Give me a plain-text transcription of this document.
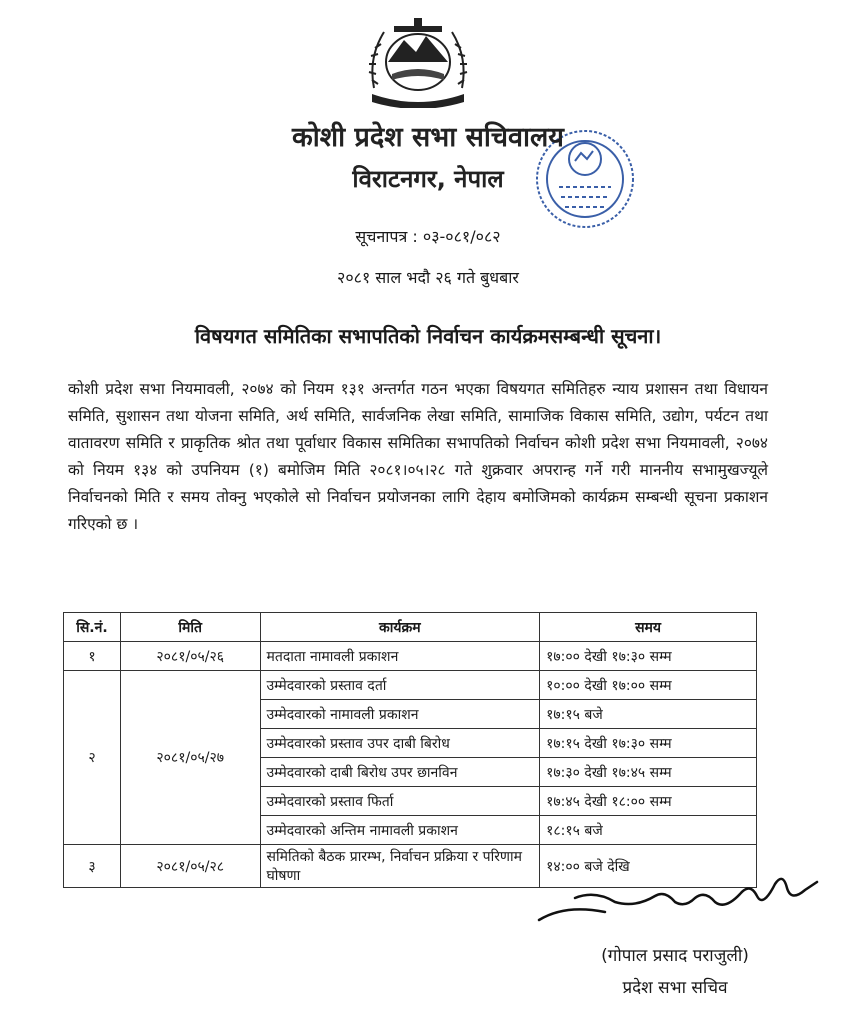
कोशी प्रदेश सभा सचिवालय
विराटनगर, नेपाल
सूचनापत्र : ०३-०८१/०८२
२०८१ साल भदौ २६ गते बुधबार
विषयगत समितिका सभापतिको निर्वाचन कार्यक्रमसम्बन्धी सूचना।
कोशी प्रदेश सभा नियमावली, २०७४ को नियम १३१ अन्तर्गत गठन भएका विषयगत समितिहरु न्याय प्रशासन तथा विधायन समिति, सुशासन तथा योजना समिति, अर्थ समिति, सार्वजनिक लेखा समिति, सामाजिक विकास समिति, उद्योग, पर्यटन तथा वातावरण समिति र प्राकृतिक श्रोत तथा पूर्वाधार विकास समितिका सभापतिको निर्वाचन कोशी प्रदेश सभा नियमावली, २०७४ को नियम १३४ को उपनियम (१) बमोजिम मिति २०८१।०५।२८ गते शुक्रवार अपरान्ह गर्ने गरी माननीय सभामुखज्यूले निर्वाचनको मिति र समय तोक्नु भएकोले सो निर्वाचन प्रयोजनका लागि देहाय बमोजिमको कार्यक्रम सम्बन्धी सूचना प्रकाशन गरिएको छ ।
सि.नं.	मिति	कार्यक्रम	समय
१	२०८१/०५/२६	मतदाता नामावली प्रकाशन	१७:०० देखी १७:३० सम्म
२	२०८१/०५/२७	उम्मेदवारको प्रस्ताव दर्ता	१०:०० देखी १७:०० सम्म
		उम्मेदवारको नामावली प्रकाशन	१७:१५ बजे
		उम्मेदवारको प्रस्ताव उपर दाबी बिरोध	१७:१५ देखी १७:३० सम्म
		उम्मेदवारको दाबी बिरोध उपर छानविन	१७:३० देखी १७:४५ सम्म
		उम्मेदवारको प्रस्ताव फिर्ता	१७:४५ देखी १८:०० सम्म
		उम्मेदवारको अन्तिम नामावली प्रकाशन	१८:१५ बजे
३	२०८१/०५/२८	समितिको बैठक प्रारम्भ, निर्वाचन प्रक्रिया र परिणाम घोषणा	१४:०० बजे देखि
(गोपाल प्रसाद पराजुली)
प्रदेश सभा सचिव
